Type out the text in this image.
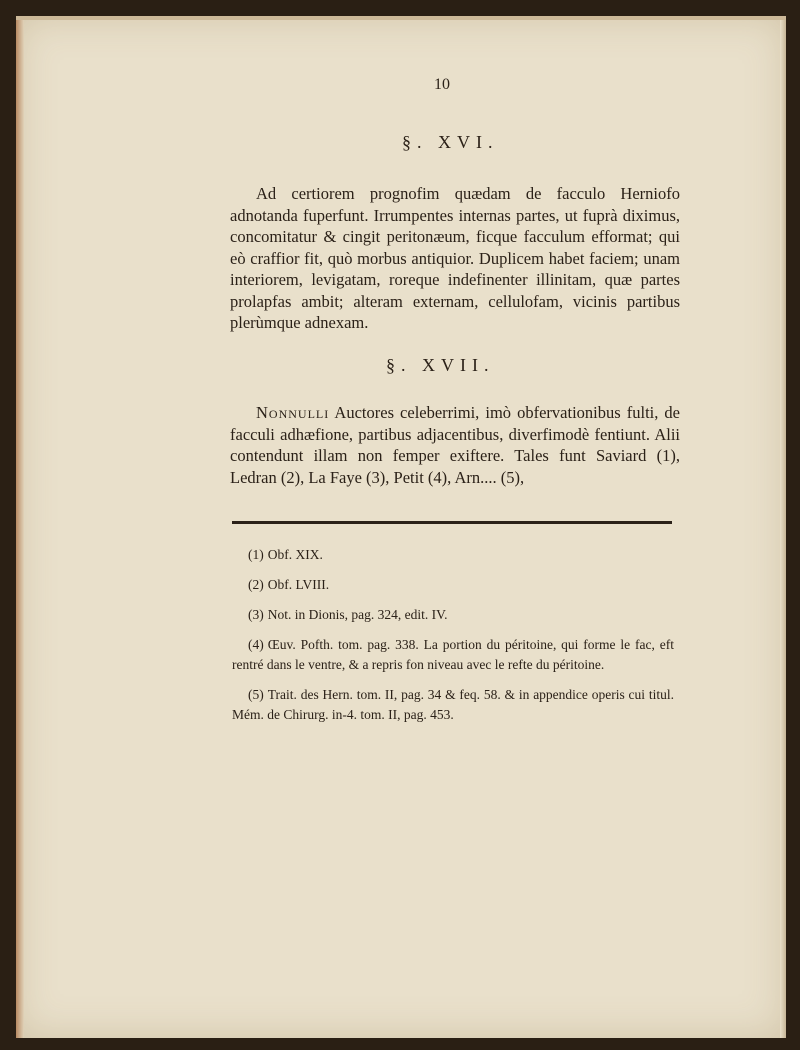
10
§. XVI.
Ad certiorem prognofim quædam de facculo Herniofo adnotanda fuperfunt. Irrumpentes internas partes, ut fuprà diximus, concomitatur & cingit peritonæum, ficque facculum efformat; qui eò craffior fit, quò morbus antiquior. Duplicem habet faciem; unam interiorem, levigatam, roreque indefinenter illinitam, quæ partes prolapfas ambit; alteram externam, cellulofam, vicinis partibus plerùmque adnexam.
§. XVII.
Nonnulli Auctores celeberrimi, imò obfervationibus fulti, de facculi adhæfione, partibus adjacentibus, diverfimodè fentiunt. Alii contendunt illam non femper exiftere. Tales funt Saviard (1), Ledran (2), La Faye (3), Petit (4), Arn.... (5),
(1) Obf. XIX.
(2) Obf. LVIII.
(3) Not. in Dionis, pag. 324, edit. IV.
(4) Œuv. Pofth. tom. pag. 338. La portion du péritoine, qui forme le fac, eft rentré dans le ventre, & a repris fon niveau avec le refte du péritoine.
(5) Trait. des Hern. tom. II, pag. 34 & feq. 58. & in appendice operis cui titul. Mém. de Chirurg. in-4. tom. II, pag. 453.
